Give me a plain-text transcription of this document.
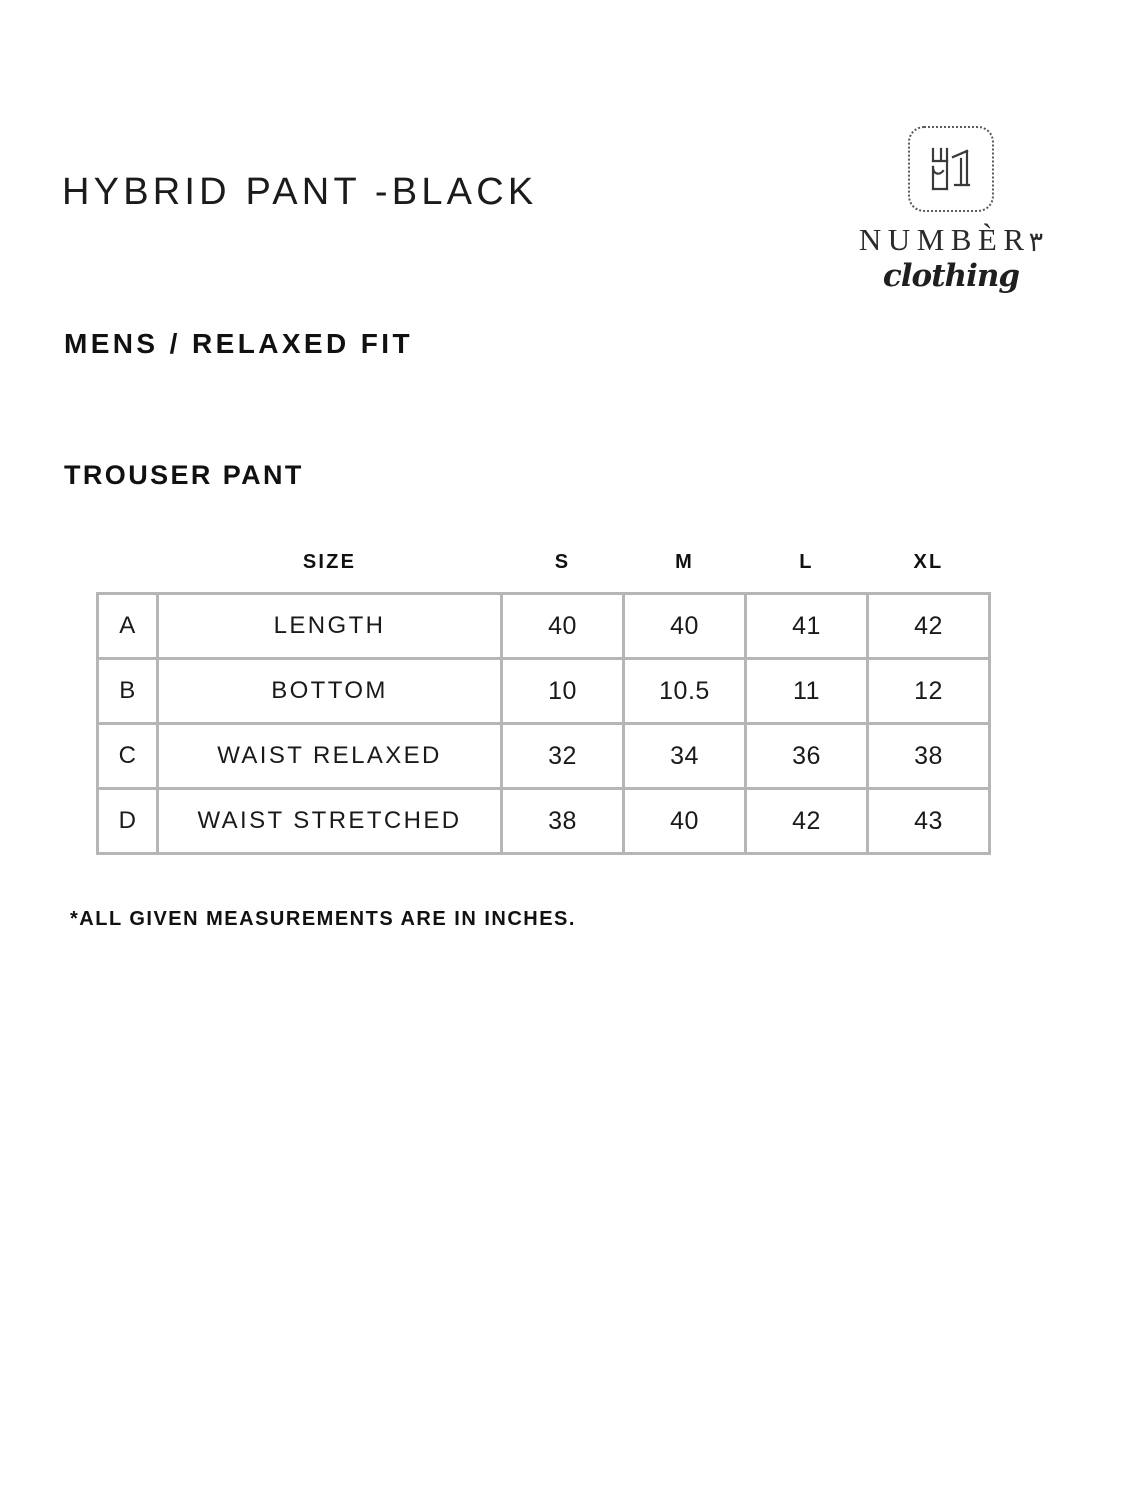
HYBRID PANT -BLACK
NUMBÈR
۳
clothing
MENS / RELAXED FIT
TROUSER PANT
	SIZE	S	M	L	XL
A	LENGTH	40	40	41	42
B	BOTTOM	10	10.5	11	12
C	WAIST RELAXED	32	34	36	38
D	WAIST STRETCHED	38	40	42	43
*ALL GIVEN MEASUREMENTS ARE IN INCHES.
